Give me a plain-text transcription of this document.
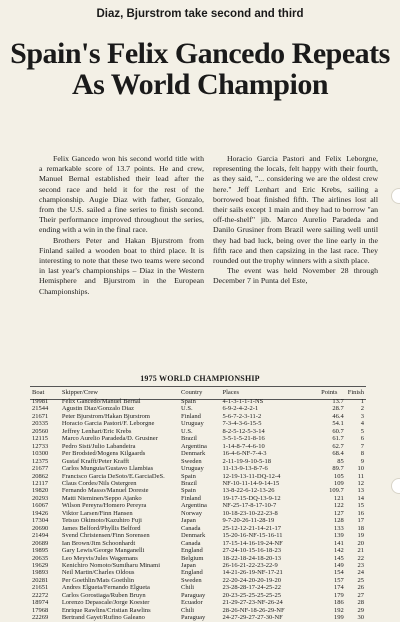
Diaz, Bjurstrom take second and third
Spain's Felix Gancedo Repeats As World Champion

Felix Gancedo won his second world title with a remarkable score of 13.7 points. He and crew, Manuel Bernal established their lead after the second race and held it for the rest of the championship. Augie Diaz with father, Gonzalo, from the U.S. sailed a fine series to finish second. Their performance improved throughout the series, ending with a win in the final race.

Brothers Peter and Hakan Bjurstrom from Finland sailed a wooden boat to third place. It is interesting to note that these two teams were second in last year's championships – Diaz in the Western Hemisphere and Bjurstrom in the European Championships.

Horacio Garcia Pastori and Felix Leborgne, representing the locals, felt happy with their fourth, as they said, "... considering we are the oldest crew here." Jeff Lenhart and Eric Krebs, sailing a borrowed boat finished fifth. The airlines lost all their sails except 1 main and they had to borrow "an off-the-shelf" jib. Marco Aurelio Paradeda and Danilo Grusiner from Brazil were sailing well until they had bad luck, being over the line early in the fifth race and then capsizing in the last race. They rounded out the trophy winners with a sixth place.

The event was held November 28 through December 7 in Punta del Este,

1975 WORLD CHAMPIONSHIP
Boat	Skipper/Crew	Country	Places	Points	Finish
19981	Felix Gancedo/Manuel Bernal	Spain	4-1-3-1-1-1-NS	13.7	1
21544	Agustin Diaz/Gonzalo Diaz	U.S.	6-9-2-4-2-2-1	28.7	2
21671	Peter Bjurstrom/Hakan Bjurstrom	Finland	5-6-7-2-3-11-2	46.4	3
20335	Horacio Garcia Pastori/F. Leborgne	Uruguay	7-3-4-3-6-15-5	54.1	4
20560	Jeffrey Lenhart/Eric Krebs	U.S.	8-2-5-12-5-3-14	60.7	5
12115	Marco Aurelio Paradeda/D. Grusiner	Brazil	3-5-1-5-21-8-16	61.7	6
12733	Pedro Sisti/Julio Labandeira	Argentina	1-14-8-7-4-6-10	62.7	7
10300	Per Brodsted/Mogens Kilgaards	Denmark	16-4-6-NF-7-4-3	68.4	8
12375	Gustaf Krafft/Peter Krafft	Sweden	2-11-19-9-10-5-18	85	9
21677	Carlos Munguia/Gustavo Llambias	Uruguay	11-13-9-13-8-7-6	89.7	10
20862	Francisco Garcia DeSoto/E.GarciaDeS.	Spain	12-19-13-11-DQ-12-4	105	11
12117	Claus Cordes/Nils Ostergren	Brazil	NF-10-11-14-9-14-15	109	12
19820	Fernando Masso/Manuel Doreste	Spain	13-8-22-6-12-13-26	109.7	13
20293	Matti Nieminen/Seppo Ajanko	Finland	19-17-15-DQ-13-9-12	121	14
16067	Wilson Pereyra/Homero Pereyra	Argentina	NF-25-17-8-17-10-7	122	15
19426	Viktor Larsen/Finn Hansen	Norway	10-18-23-10-22-23-8	127	16
17304	Tetsuo Okimoto/Kazuhiro Fuji	Japan	9-7-20-26-11-28-19	128	17
20690	James Belford/Phyllis Belford	Canada	25-12-12-21-14-21-17	133	18
21494	Svend Christensen/Finn Sorensen	Denmark	15-20-16-NF-15-16-11	139	19
20689	Ian Brown/Jim Schoonhardt	Canada	17-15-14-16-19-24-NF	141	20
19895	Gary Lewis/George Manganelli	England	27-24-10-15-16-18-23	142	21
20635	Leo Meyvis/Jules Wagemans	Belgium	18-22-18-24-18-20-13	145	22
19629	Kenichiro Nomoto/Sumiharu Minami	Japan	26-16-21-22-23-22-9	149	23
19893	Neil Martin/Charles Oldous	England	14-21-26-19-NF-17-21	154	24
20281	Per Goethlin/Mats Goethlin	Sweden	22-20-24-20-20-19-20	157	25
21651	Andres Elgueta/Fernando Elgueta	Chili	23-28-28-17-24-25-22	174	26
22272	Carlos Gorostiaga/Ruben Bruyn	Paraguay	20-23-25-25-25-25-25	179	27
18974	Lorenzo Depascale/Jorge Koester	Ecuador	21-29-27-23-NF-26-24	186	28
17968	Enrique Rawlins/Cristian Rawlins	Chili	28-26-NF-18-26-29-NF	192	29
22269	Bertrand Gayet/Rufino Galeano	Paraguay	24-27-29-27-27-30-NF	199	30
